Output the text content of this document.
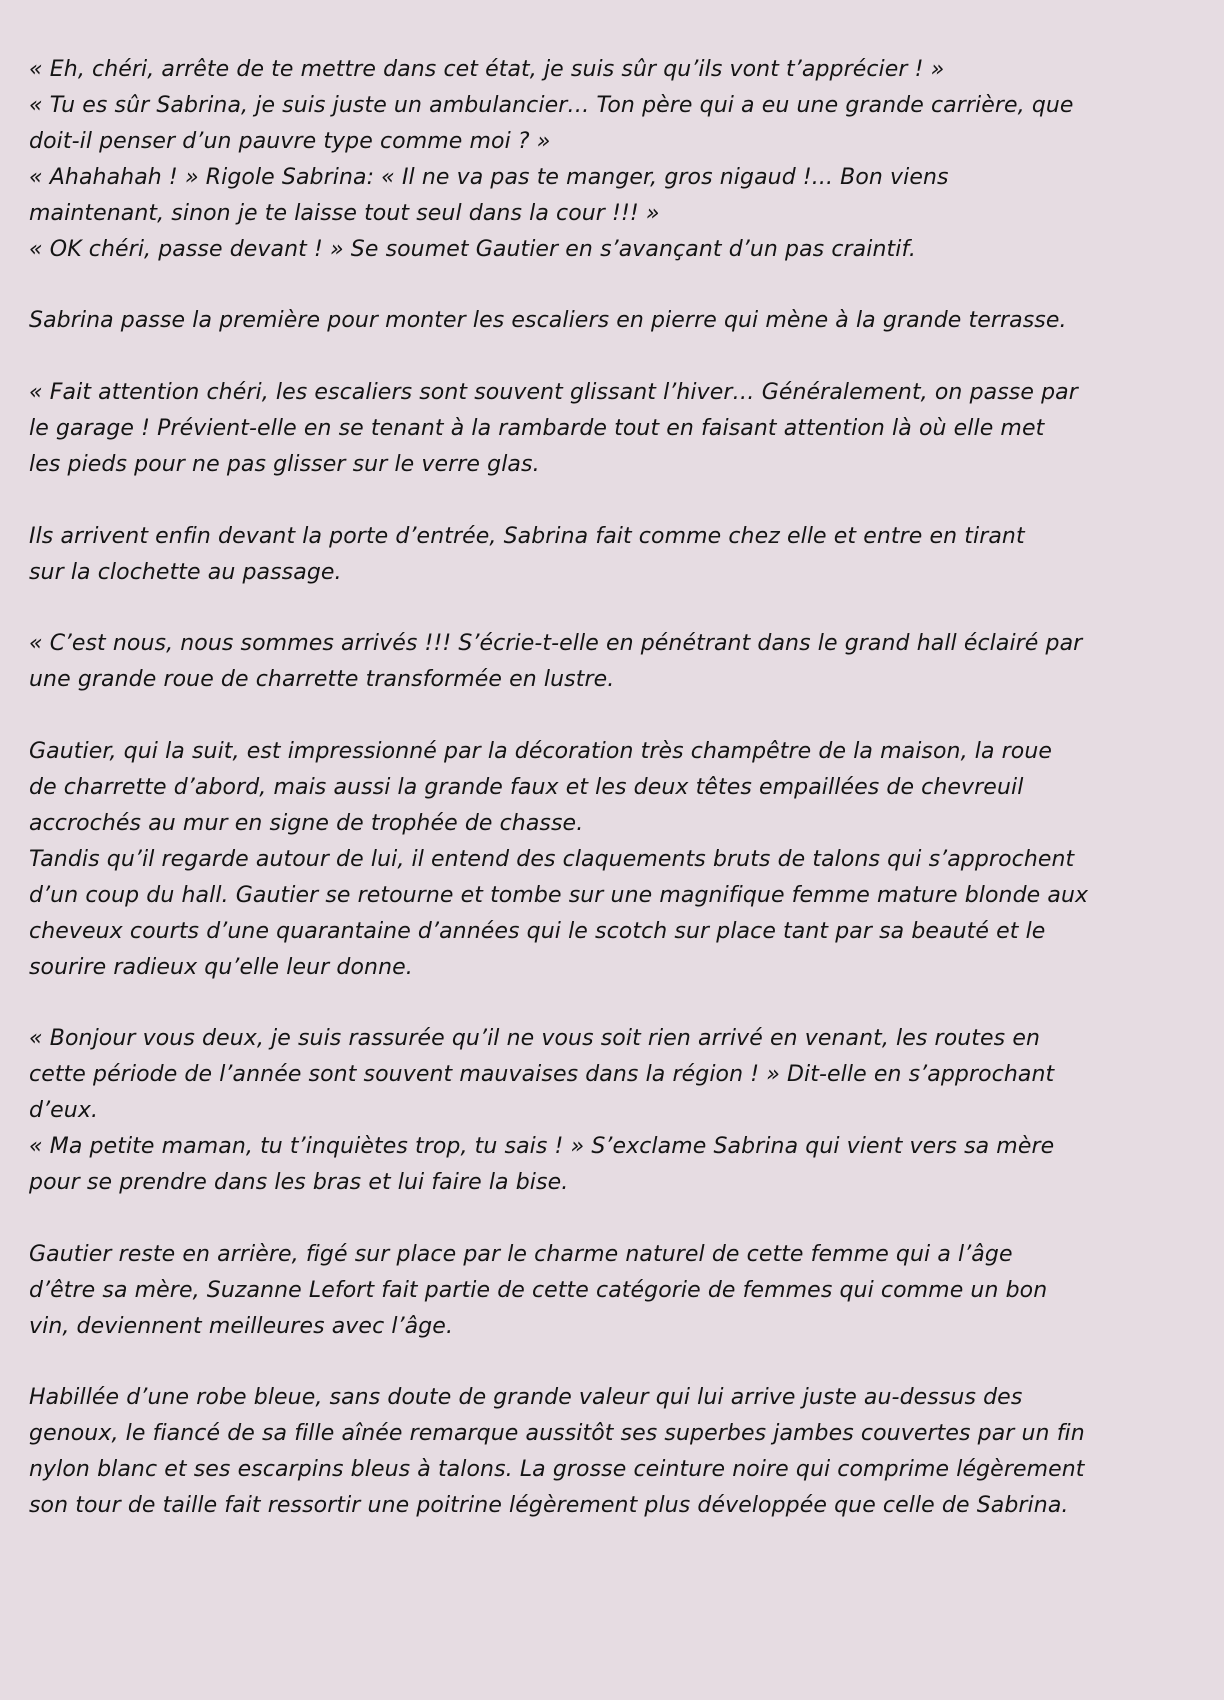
« Eh, chéri, arrête de te mettre dans cet état, je suis sûr qu’ils vont t’apprécier ! »
« Tu es sûr Sabrina, je suis juste un ambulancier… Ton père qui a eu une grande carrière, que
doit-il penser d’un pauvre type comme moi ? »
« Ahahahah ! » Rigole Sabrina: « Il ne va pas te manger, gros nigaud !... Bon viens
maintenant, sinon je te laisse tout seul dans la cour !!! »
« OK chéri, passe devant ! » Se soumet Gautier en s’avançant d’un pas craintif.
Sabrina passe la première pour monter les escaliers en pierre qui mène à la grande terrasse.
« Fait attention chéri, les escaliers sont souvent glissant l’hiver… Généralement, on passe par
le garage ! Prévient-elle en se tenant à la rambarde tout en faisant attention là où elle met
les pieds pour ne pas glisser sur le verre glas.
Ils arrivent enfin devant la porte d’entrée, Sabrina fait comme chez elle et entre en tirant
sur la clochette au passage.
« C’est nous, nous sommes arrivés !!! S’écrie-t-elle en pénétrant dans le grand hall éclairé par
une grande roue de charrette transformée en lustre.
Gautier, qui la suit, est impressionné par la décoration très champêtre de la maison, la roue
de charrette d’abord, mais aussi la grande faux et les deux têtes empaillées de chevreuil
accrochés au mur en signe de trophée de chasse.
Tandis qu’il regarde autour de lui, il entend des claquements bruts de talons qui s’approchent
d’un coup du hall. Gautier se retourne et tombe sur une magnifique femme mature blonde aux
cheveux courts d’une quarantaine d’années qui le scotch sur place tant par sa beauté et le
sourire radieux qu’elle leur donne.
« Bonjour vous deux, je suis rassurée qu’il ne vous soit rien arrivé en venant, les routes en
cette période de l’année sont souvent mauvaises dans la région ! » Dit-elle en s’approchant
d’eux.
« Ma petite maman, tu t’inquiètes trop, tu sais ! » S’exclame Sabrina qui vient vers sa mère
pour se prendre dans les bras et lui faire la bise.
Gautier reste en arrière, figé sur place par le charme naturel de cette femme qui a l’âge
d’être sa mère, Suzanne Lefort fait partie de cette catégorie de femmes qui comme un bon
vin, deviennent meilleures avec l’âge.
Habillée d’une robe bleue, sans doute de grande valeur qui lui arrive juste au-dessus des
genoux, le fiancé de sa fille aînée remarque aussitôt ses superbes jambes couvertes par un fin
nylon blanc et ses escarpins bleus à talons. La grosse ceinture noire qui comprime légèrement
son tour de taille fait ressortir une poitrine légèrement plus développée que celle de Sabrina.
